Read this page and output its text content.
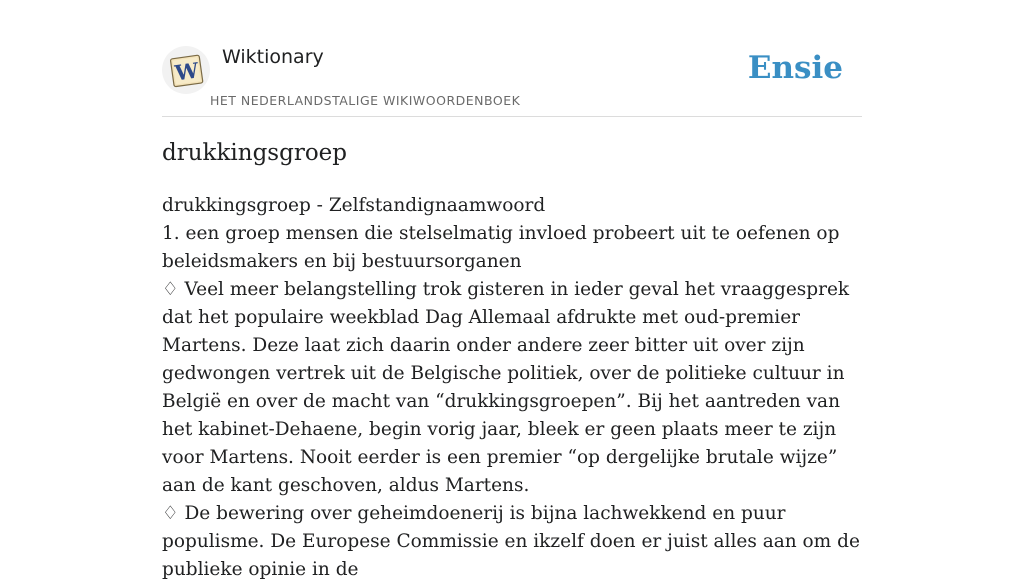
W
Wiktionary
HET NEDERLANDSTALIGE WIKIWOORDENBOEK
Ensie
drukkingsgroep

drukkingsgroep - Zelfstandignaamwoord

1. een groep mensen die stelselmatig invloed probeert uit te oefenen op beleidsmakers en bij bestuursorganen

♢ Veel meer belangstelling trok gisteren in ieder geval het vraaggesprek dat het populaire weekblad Dag Allemaal afdrukte met oud-premier Martens. Deze laat zich daarin onder andere zeer bitter uit over zijn gedwongen vertrek uit de Belgische politiek, over de politieke cultuur in België en over de macht van “drukkingsgroepen”. Bij het aantreden van het kabinet-Dehaene, begin vorig jaar, bleek er geen plaats meer te zijn voor Martens. Nooit eerder is een premier “op dergelijke brutale wijze” aan de kant geschoven, aldus Martens.

♢ De bewering over geheimdoenerij is bijna lachwekkend en puur populisme. De Europese Commissie en ikzelf doen er juist alles aan om de publieke opinie in de
